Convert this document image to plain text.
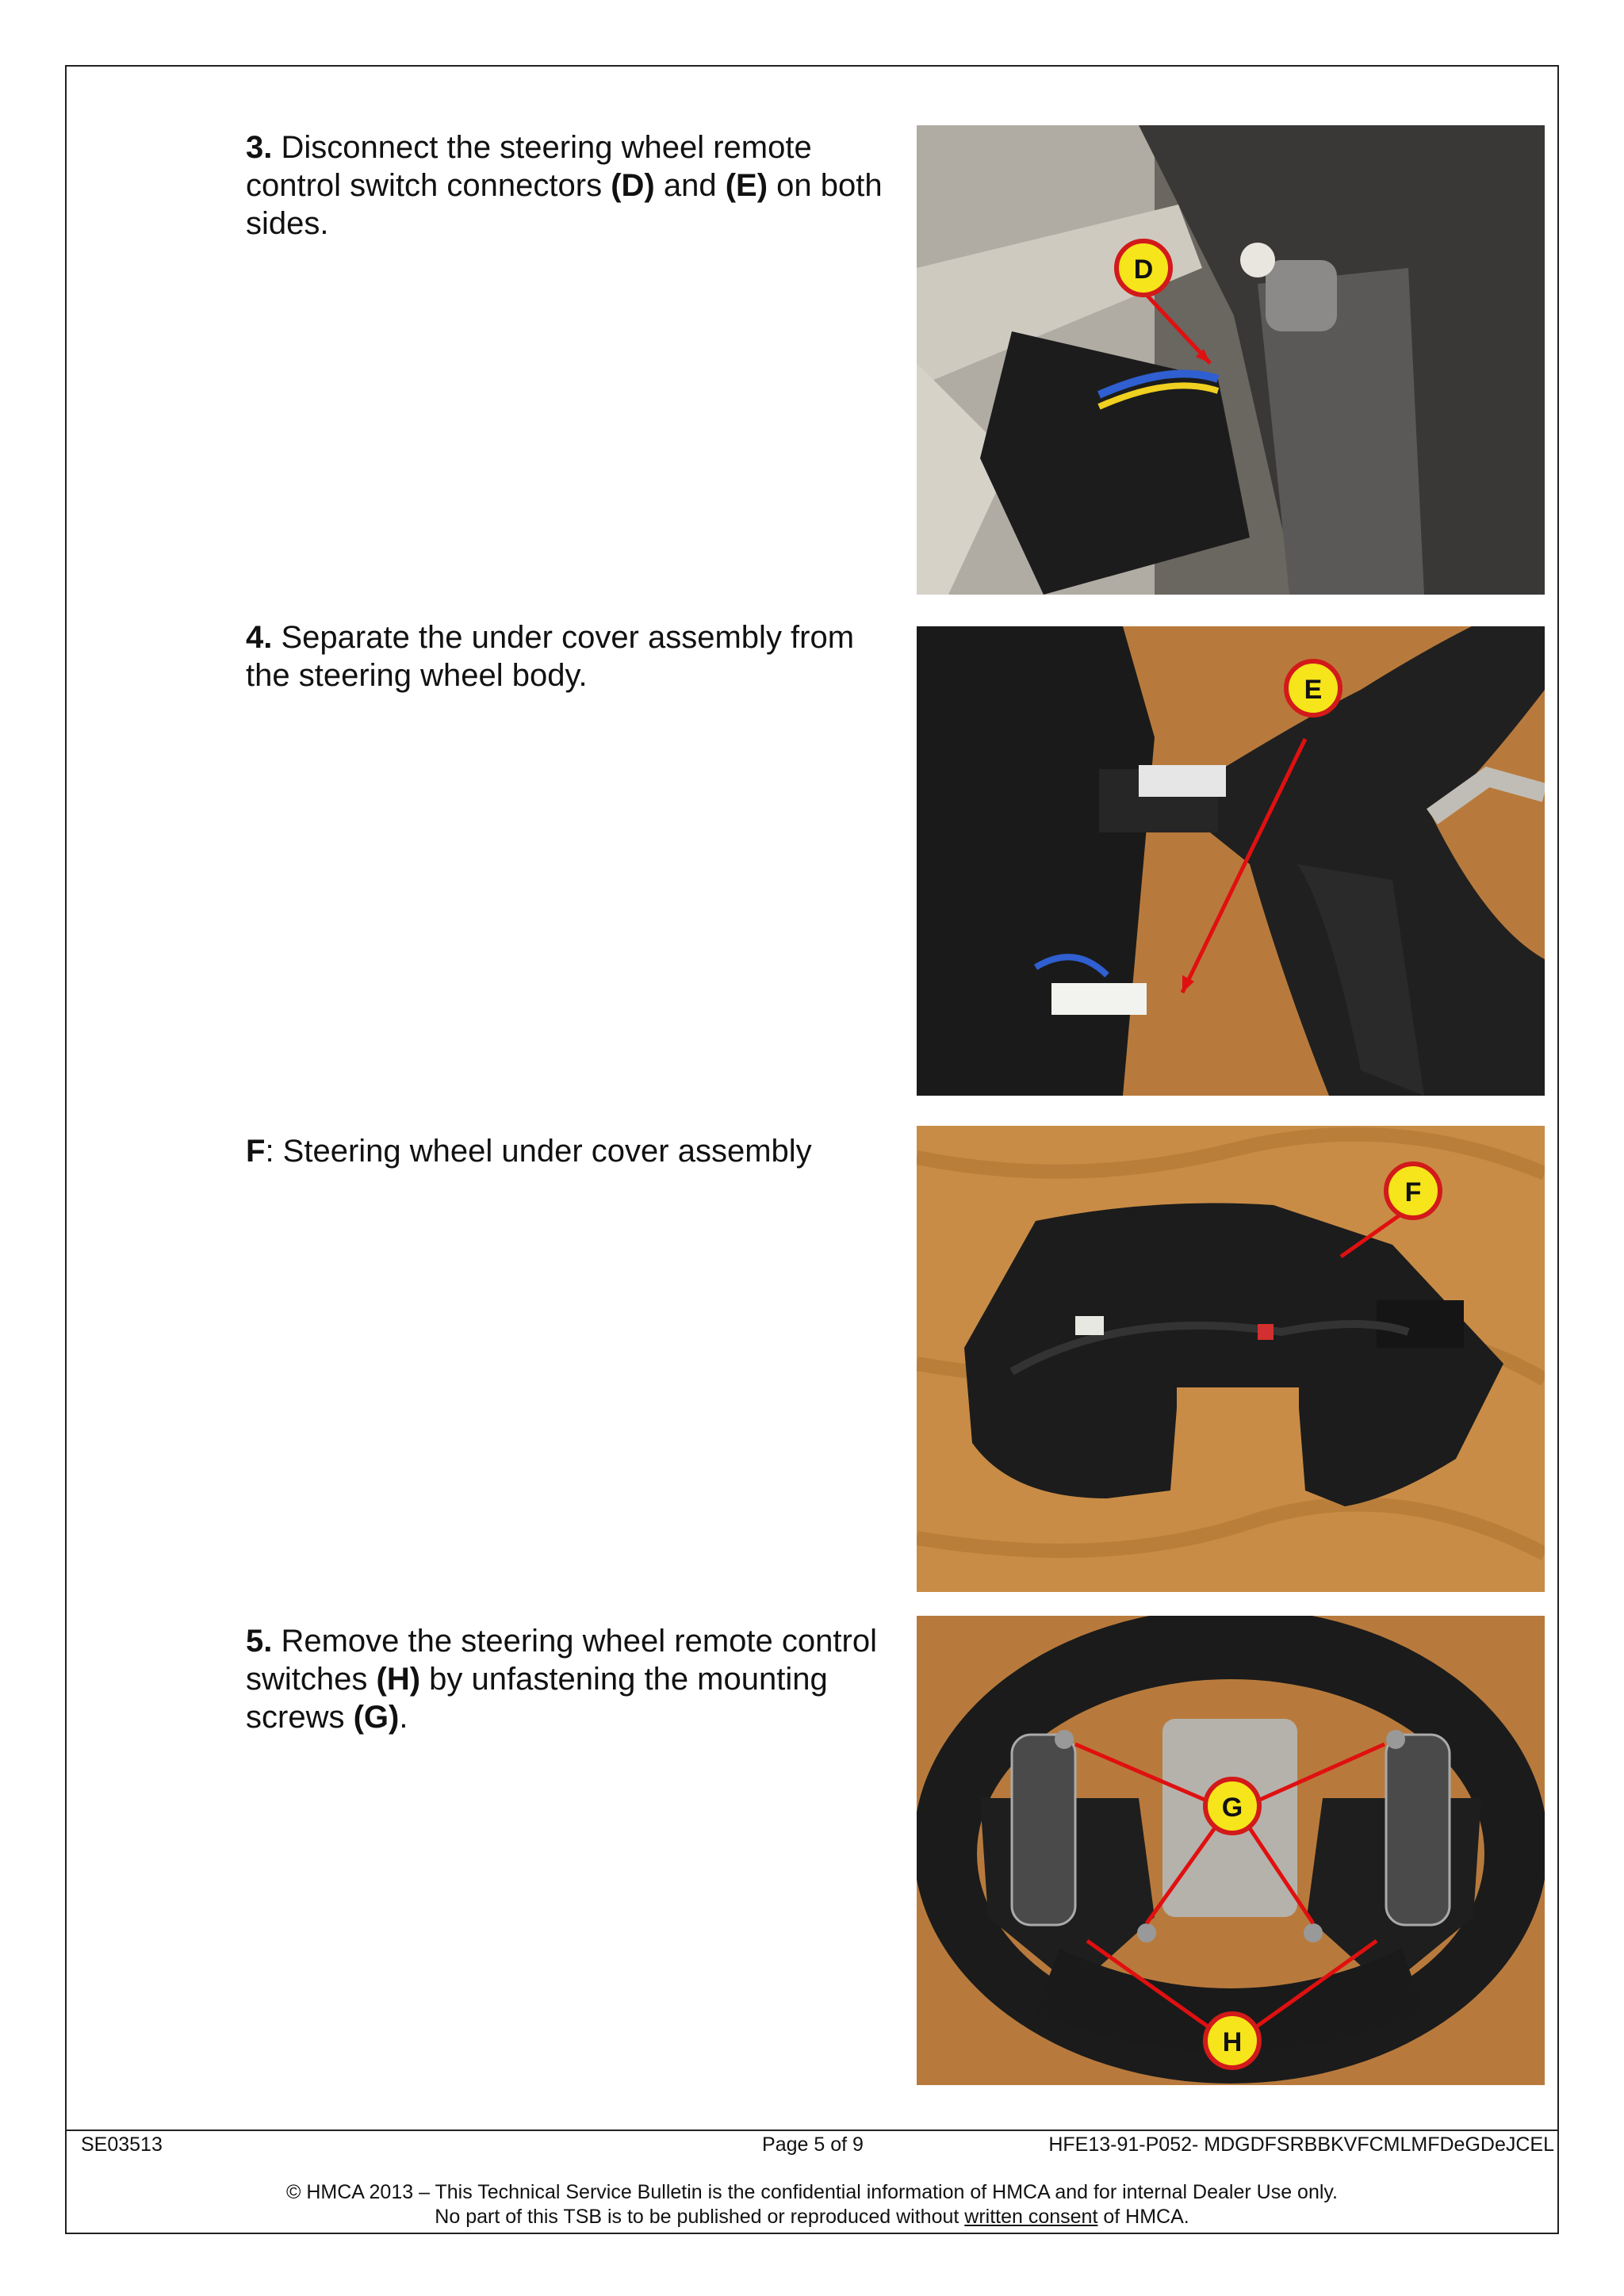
3. Disconnect the steering wheel remote control switch connectors (D) and (E) on both sides.
D
4. Separate the under cover assembly from the steering wheel body.	E
F: Steering wheel under cover assembly
F
5. Remove the steering wheel remote control switches (H) by unfastening the mounting screws (G).
G
H
SE03513	Page 5 of 9	HFE13-91-P052- MDGDFSRBBKVFCMLMFDeGDeJCEL
© HMCA 2013 – This Technical Service Bulletin is the confidential information of HMCA and for internal Dealer Use only.
No part of this TSB is to be published or reproduced without written consent of HMCA.
